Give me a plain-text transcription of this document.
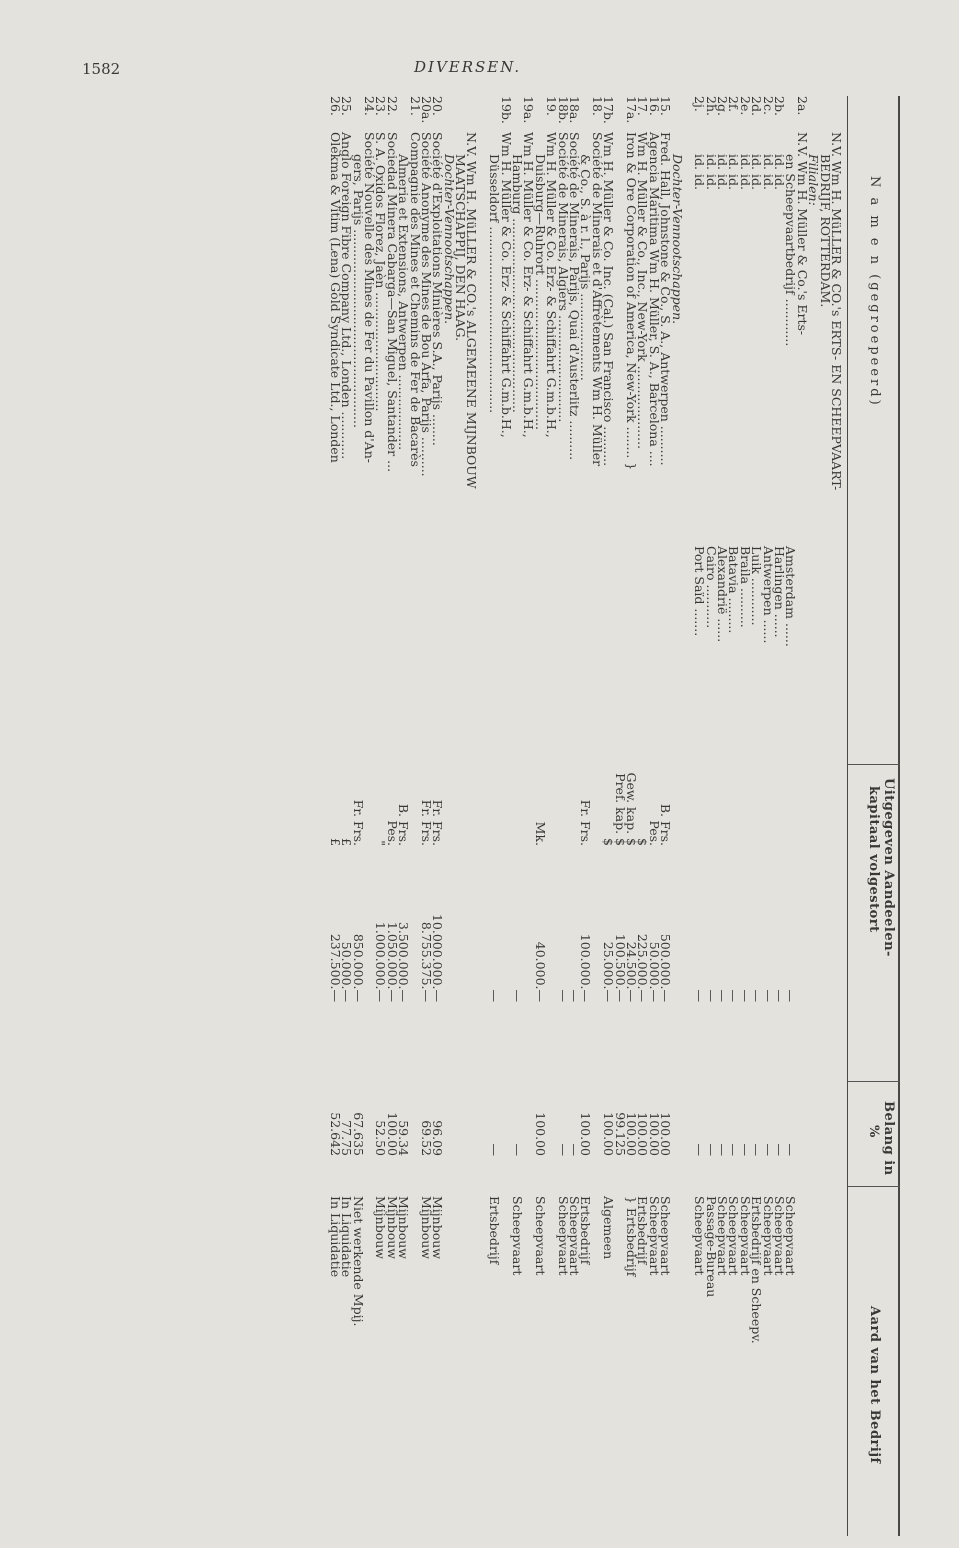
1582	DIVERSEN.
N a m e n (gegroepeerd)
Uitgegeven Aandeelen-
kapitaal volgestort
Belang in
%
Aard van het Bedrijf
N.V. Wm H. MüLLER & CO.'s ERTS- EN SCHEEPVAART-
BEDRIJF, ROTTERDAM.
Filialen:
2a.
N.V. Wm H. Müller & Co.'s Erts-
en Scheepvaartbedrijf ............
Amsterdam ......
—
—
Scheepvaart
2b.
id. id.
Harlingen ......
—
—
Scheepvaart
2c.
id. id.
Antwerpen ......
—
—
Scheepvaart
2d.
id. id.
Luik ............
—
—
Ertsbedrijf en Scheepv.
2e.
id. id.
Braila ..........
—
—
Scheepvaart
2f.
id. id.
Batavia .........
—
—
Scheepvaart
2g.
id. id.
Alexandrië ......
—
—
Scheepvaart
2h.
id. id.
Cairo ...........
—
—
Passage-Bureau
2j.
id. id.
Port Saïd .......
—
—
Scheepvaart
Dochter-Vennootschappen.
15.
Fred. Hall, Johnstone & Co., S. A., Antwerpen ..........
B. Frs.
500.000.—
100.00
Scheepvaart
16.
Agencia Maritima Wm H. Müller, S. A., Barcelona ....
Pes.
50.000.—
100.00
Scheepvaart
17.
Wm H. Müller & Co., Inc., New-York .....................
$
225.000.—
100.00
Ertsbedrijf
17a.
Iron & Ore Corporation of America, New-York ........ }
Gew. kap. $
24.500.—
100.00
} Ertsbedrijf
Pref. kap. $
100.500.—
99.125
17b.
Wm H. Müller & Co. Inc. (Cal.) San Francisco ..........
$
25.000.—
100.00
Algemeen
18.
Société de Minerais et d'Affrètements Wm H. Müller
& Co., S. à r. l., Parijs ......................
Fr. Frs.
100.000.—
100.00
Ertsbedrijf
18a.
Société de Minerais, Parijs, Quai d'Austerlitz ..........
—
—
Scheepvaart
18b.
Société de Minerais, Algiers ...........................
—
—
Scheepvaart
19.
Wm H. Müller & Co. Erz- & Schiffahrt G.m.b.H.,
Duisburg—Ruhrort ......................................
Mk.
40.000.—
100.00
Scheepvaart
19a.
Wm H. Müller & Co. Erz- & Schiffahrt G.m.b.H.,
Hamburg .................................................
—
—
Scheepvaart
19b.
Wm H. Müller & Co. Erz- & Schiffahrt G.m.b.H.,
Düsseldorf ...............................................
—
—
Ertsbedrijf
N.V. Wm H. MüLLER & CO.'s ALGEMEENE MIJNBOUW
MAATSCHAPPIJ, DEN HAAG.
Dochter-Vennootschappen.
20.
Société d'Exploitations Minières S.A., Parijs ........
Fr. Frs.
10.000.000.—
96.09
Mijnbouw
20a.
Société Anonyme des Mines de Bou Arfa, Parijs ..........
Fr. Frs.
8.755.375.—
69.52
Mijnbouw
21.
Compagnie des Mines et Chemins de Fer de Bacarès
Almeria et Extensions, Antwerpen ...................
B. Frs.
3.500.000.—
59.34
Mijnbouw
22.
Sociedad Minera Cabarga—San Miguel, Santander ...
Pes.
1.050.000.—
100.00
Mijnbouw
23.
S. A. Oxidos Florez, Jaèn ..............................
"
1.000.000.—
52.50
Mijnbouw
24.
Société Nouvelle des Mines de Fer du Pavillon d'An-
gers, Parijs ..................................................
Fr. Frs.
850.000.—
67.635
Niet werkende Mpij.
25.
Anglo Foreign Fibre Company Ltd., Londen ............
£
50.000.—
77.75
In Liquidatie
26.
Olekma & Vitim (Lena) Gold Syndicate Ltd., Londen
£
237.500.—
52.642
In Liquidatie
